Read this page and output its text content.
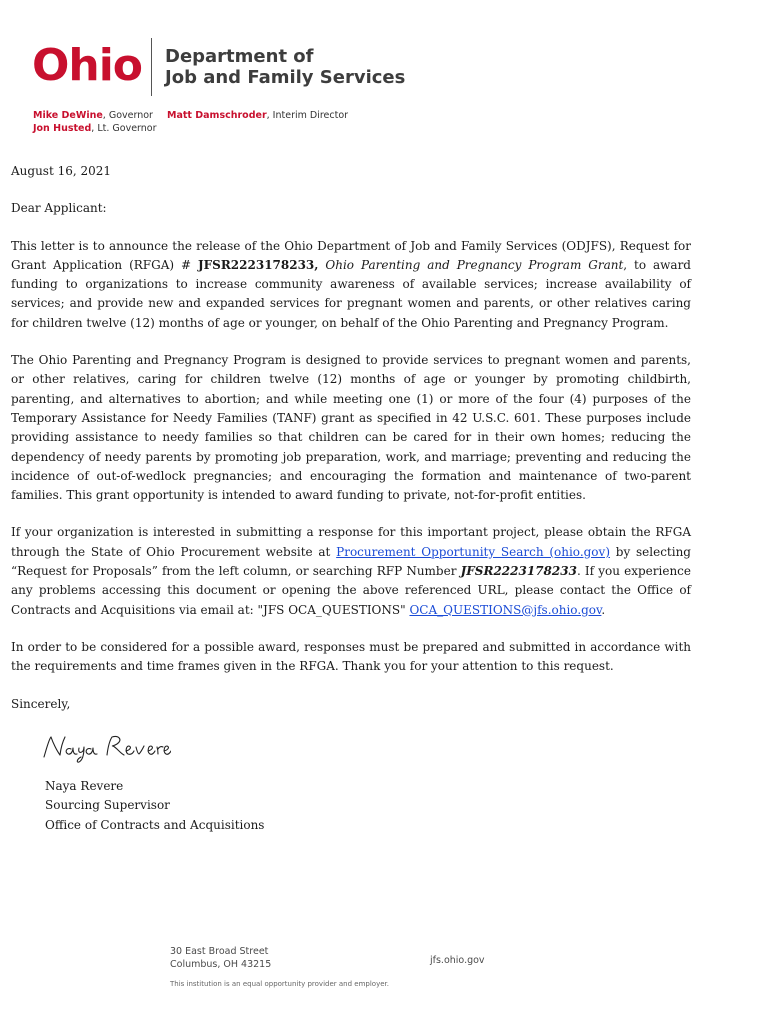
Ohio Department of
Job and Family Services
Mike DeWine, Governor
Jon Husted, Lt. Governor
Matt Damschroder, Interim Director

August 16, 2021

Dear Applicant:

This letter is to announce the release of the Ohio Department of Job and Family Services (ODJFS), Request for Grant Application (RFGA) # JFSR2223178233, Ohio Parenting and Pregnancy Program Grant, to award funding to organizations to increase community awareness of available services; increase availability of services; and provide new and expanded services for pregnant women and parents, or other relatives caring for children twelve (12) months of age or younger, on behalf of the Ohio Parenting and Pregnancy Program.

The Ohio Parenting and Pregnancy Program is designed to provide services to pregnant women and parents, or other relatives, caring for children twelve (12) months of age or younger by promoting childbirth, parenting, and alternatives to abortion; and while meeting one (1) or more of the four (4) purposes of the Temporary Assistance for Needy Families (TANF) grant as specified in 42 U.S.C. 601. These purposes include providing assistance to needy families so that children can be cared for in their own homes; reducing the dependency of needy parents by promoting job preparation, work, and marriage; preventing and reducing the incidence of out-of-wedlock pregnancies; and encouraging the formation and maintenance of two-parent families. This grant opportunity is intended to award funding to private, not-for-profit entities.

If your organization is interested in submitting a response for this important project, please obtain the RFGA through the State of Ohio Procurement website at Procurement Opportunity Search (ohio.gov) by selecting “Request for Proposals” from the left column, or searching RFP Number JFSR2223178233. If you experience any problems accessing this document or opening the above referenced URL, please contact the Office of Contracts and Acquisitions via email at: "JFS OCA_QUESTIONS" OCA_QUESTIONS@jfs.ohio.gov.

In order to be considered for a possible award, responses must be prepared and submitted in accordance with the requirements and time frames given in the RFGA. Thank you for your attention to this request.

Sincerely,

Naya Revere
Sourcing Supervisor
Office of Contracts and Acquisitions
30 East Broad Street
Columbus, OH 43215	jfs.ohio.gov
This institution is an equal opportunity provider and employer.
